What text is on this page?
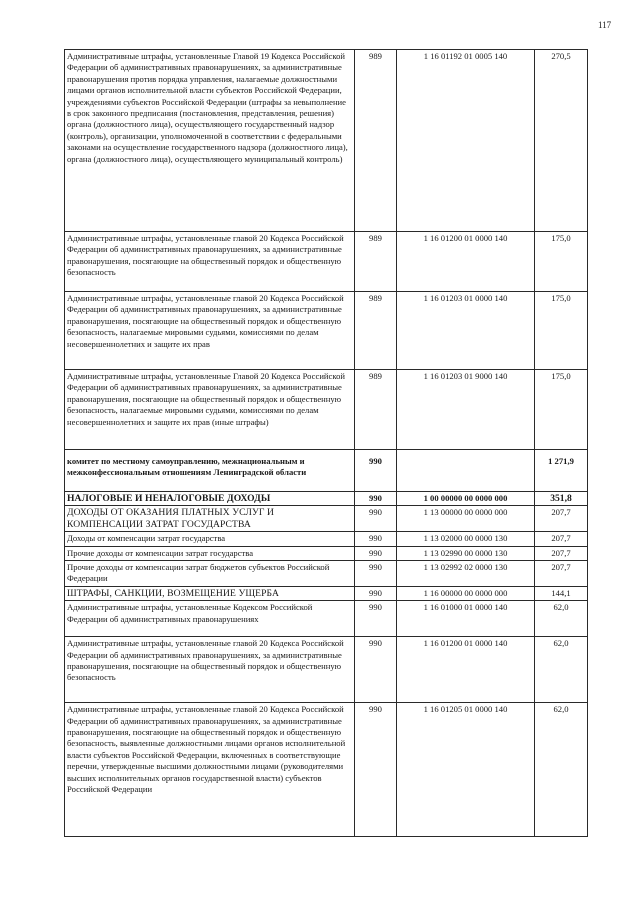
117
Административные штрафы, установленные Главой 19 Кодекса Российской Федерации об административных правонарушениях, за административные правонарушения против порядка управления, налагаемые должностными лицами органов исполнительной власти субъектов Российской Федерации, учреждениями субъектов Российской Федерации (штрафы за невыполнение в срок законного предписания (постановления, представления, решения) органа (должностного лица), осуществляющего государственный надзор (контроль), организации, уполномоченной в соответствии с федеральными законами на осуществление государственного надзора (должностного лица), органа (должностного лица), осуществляющего муниципальный контроль)	989	1 16 01192 01 0005 140	270,5
Административные штрафы, установленные главой 20 Кодекса Российской Федерации об административных правонарушениях, за административные правонарушения, посягающие на общественный порядок и общественную безопасность	989	1 16 01200 01 0000 140	175,0
Административные штрафы, установленные главой 20 Кодекса Российской Федерации об административных правонарушениях, за административные правонарушения, посягающие на общественный порядок и общественную безопасность, налагаемые мировыми судьями, комиссиями по делам несовершеннолетних и защите их прав	989	1 16 01203 01 0000 140	175,0
Административные штрафы, установленные Главой 20 Кодекса Российской Федерации об административных правонарушениях, за административные правонарушения, посягающие на общественный порядок и общественную безопасность, налагаемые мировыми судьями, комиссиями по делам несовершеннолетних и защите их прав (иные штрафы)	989	1 16 01203 01 9000 140	175,0
комитет по местному самоуправлению, межнациональным и межконфессиональным отношениям Ленинградской области	990		1 271,9
НАЛОГОВЫЕ И НЕНАЛОГОВЫЕ ДОХОДЫ	990	1 00 00000 00 0000 000	351,8
ДОХОДЫ ОТ ОКАЗАНИЯ ПЛАТНЫХ УСЛУГ И КОМПЕНСАЦИИ ЗАТРАТ ГОСУДАРСТВА	990	1 13 00000 00 0000 000	207,7
Доходы от компенсации затрат государства	990	1 13 02000 00 0000 130	207,7
Прочие доходы от компенсации затрат государства	990	1 13 02990 00 0000 130	207,7
Прочие доходы от компенсации затрат бюджетов субъектов Российской Федерации	990	1 13 02992 02 0000 130	207,7
ШТРАФЫ, САНКЦИИ, ВОЗМЕЩЕНИЕ УЩЕРБА	990	1 16 00000 00 0000 000	144,1
Административные штрафы, установленные Кодексом Российской Федерации об административных правонарушениях	990	1 16 01000 01 0000 140	62,0
Административные штрафы, установленные главой 20 Кодекса Российской Федерации об административных правонарушениях, за административные правонарушения, посягающие на общественный порядок и общественную безопасность	990	1 16 01200 01 0000 140	62,0
Административные штрафы, установленные главой 20 Кодекса Российской Федерации об административных правонарушениях, за административные правонарушения, посягающие на общественный порядок и общественную безопасность, выявленные должностными лицами органов исполнительной власти субъектов Российской Федерации, включенных в соответствующие перечни, утвержденные высшими должностными лицами (руководителями высших исполнительных органов государственной власти) субъектов Российской Федерации	990	1 16 01205 01 0000 140	62,0
